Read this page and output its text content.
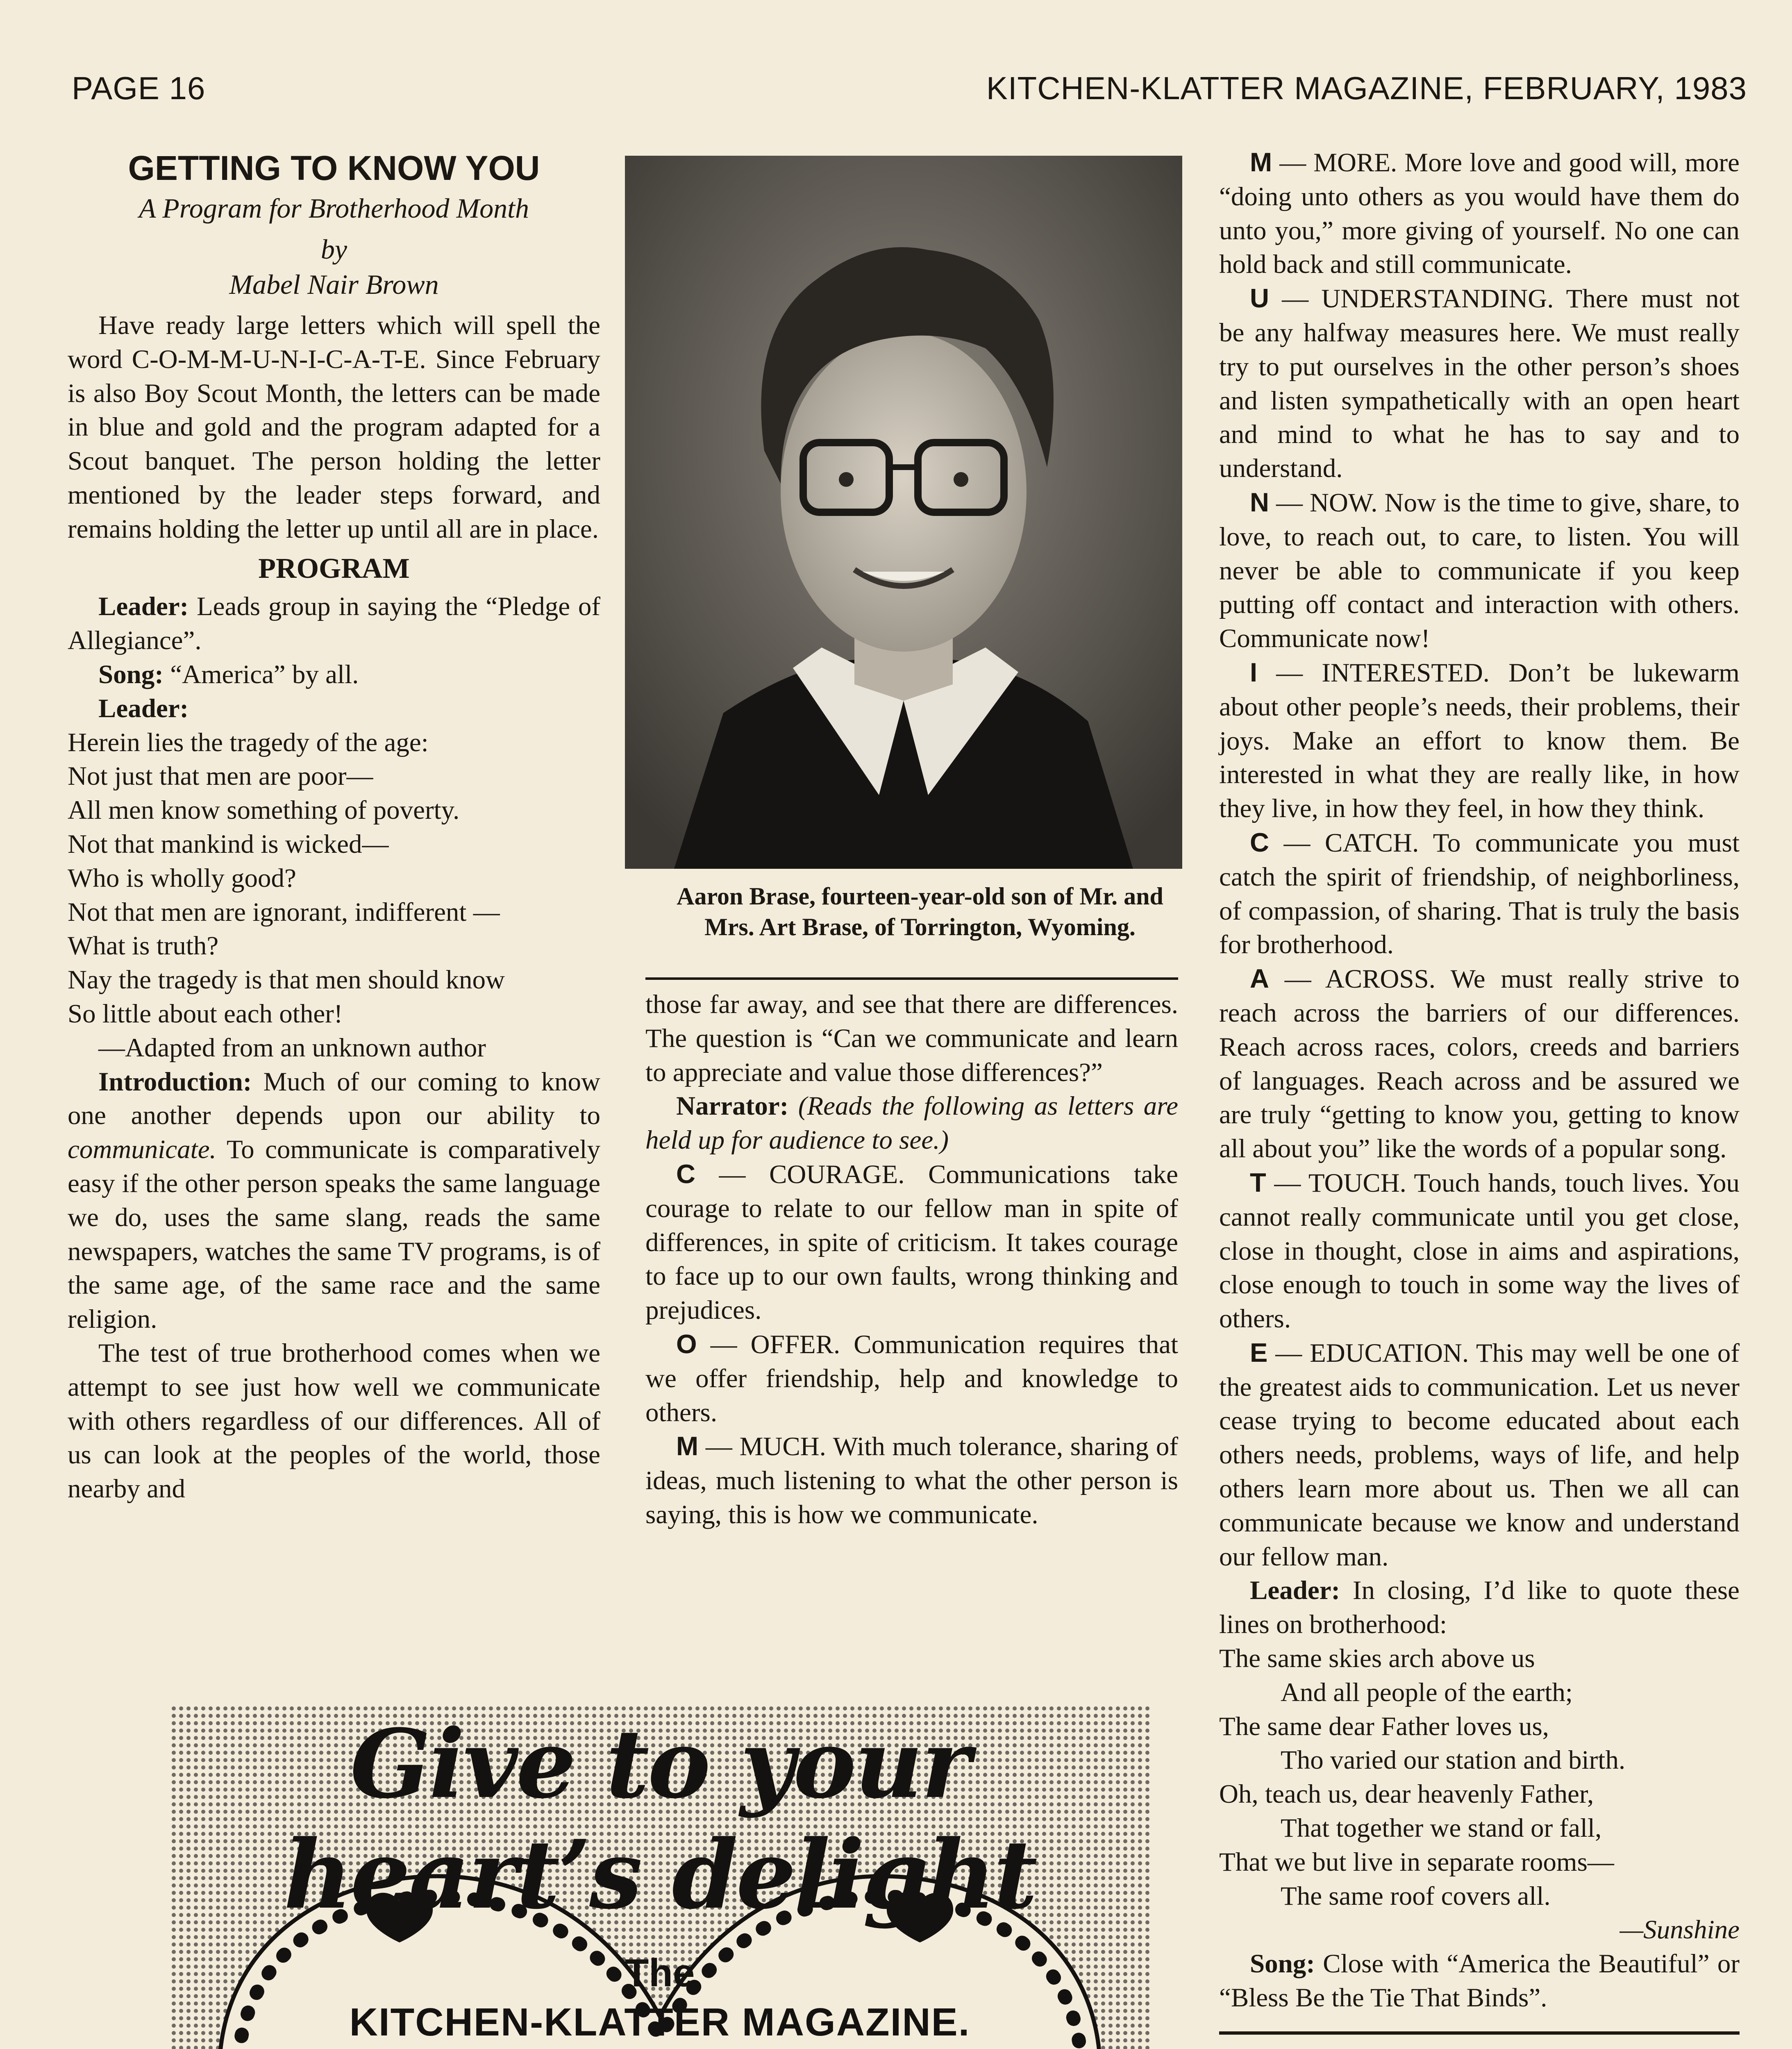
PAGE 16	KITCHEN-KLATTER MAGAZINE, FEBRUARY, 1983

GETTING TO KNOW YOU

A Program for Brotherhood Month

by

Mabel Nair Brown

Have ready large letters which will spell the word C-O-M-M-U-N-I-C-A-T-E. Since February is also Boy Scout Month, the letters can be made in blue and gold and the program adapted for a Scout banquet. The person holding the letter mentioned by the leader steps forward, and remains holding the letter up until all are in place.

PROGRAM

Leader: Leads group in saying the “Pledge of Allegiance”.

Song: “America” by all.

Leader:

Herein lies the tragedy of the age:

Not just that men are poor—

All men know something of poverty.

Not that mankind is wicked—

Who is wholly good?

Not that men are ignorant, indifferent —

What is truth?

Nay the tragedy is that men should know

So little about each other!

—Adapted from an unknown author

Introduction: Much of our coming to know one another depends upon our ability to communicate. To communicate is comparatively easy if the other person speaks the same language we do, uses the same slang, reads the same newspapers, watches the same TV programs, is of the same age, of the same race and the same religion.

The test of true brotherhood comes when we attempt to see just how well we communicate with others regardless of our differences. All of us can look at the peoples of the world, those nearby and

Aaron Brase, fourteen-year-old son of Mr. and Mrs. Art Brase, of Torrington, Wyoming.

those far away, and see that there are differences. The question is “Can we communicate and learn to appreciate and value those differences?”

Narrator: (Reads the following as letters are held up for audience to see.)

C — COURAGE. Communications take courage to relate to our fellow man in spite of differences, in spite of criticism. It takes courage to face up to our own faults, wrong thinking and prejudices.

O — OFFER. Communication requires that we offer friendship, help and knowledge to others.

M — MUCH. With much tolerance, sharing of ideas, much listening to what the other person is saying, this is how we communicate.

M — MORE. More love and good will, more “doing unto others as you would have them do unto you,” more giving of yourself. No one can hold back and still communicate.

U — UNDERSTANDING. There must not be any halfway measures here. We must really try to put ourselves in the other person’s shoes and listen sympathetically with an open heart and mind to what he has to say and to understand.

N — NOW. Now is the time to give, share, to love, to reach out, to care, to listen. You will never be able to communicate if you keep putting off contact and interaction with others. Communicate now!

I — INTERESTED. Don’t be lukewarm about other people’s needs, their problems, their joys. Make an effort to know them. Be interested in what they are really like, in how they live, in how they feel, in how they think.

C — CATCH. To communicate you must catch the spirit of friendship, of neighborliness, of compassion, of sharing. That is truly the basis for brotherhood.

A — ACROSS. We must really strive to reach across the barriers of our differences. Reach across races, colors, creeds and barriers of languages. Reach across and be assured we are truly “getting to know you, getting to know all about you” like the words of a popular song.

T — TOUCH. Touch hands, touch lives. You cannot really communicate until you get close, close in thought, close in aims and aspirations, close enough to touch in some way the lives of others.

E — EDUCATION. This may well be one of the greatest aids to communication. Let us never cease trying to become educated about each others needs, problems, ways of life, and help others learn more about us. Then we all can communicate because we know and understand our fellow man.

Leader: In closing, I’d like to quote these lines on brotherhood:

The same skies arch above us

And all people of the earth;

The same dear Father loves us,

Tho varied our station and birth.

Oh, teach us, dear heavenly Father,

That together we stand or fall,

That we but live in separate rooms—

The same roof covers all.

—Sunshine

Song: Close with “America the Beautiful” or “Bless Be the Tie That Binds”.

Give to your heart’s delight
The
KITCHEN-KLATTER MAGAZINE.
